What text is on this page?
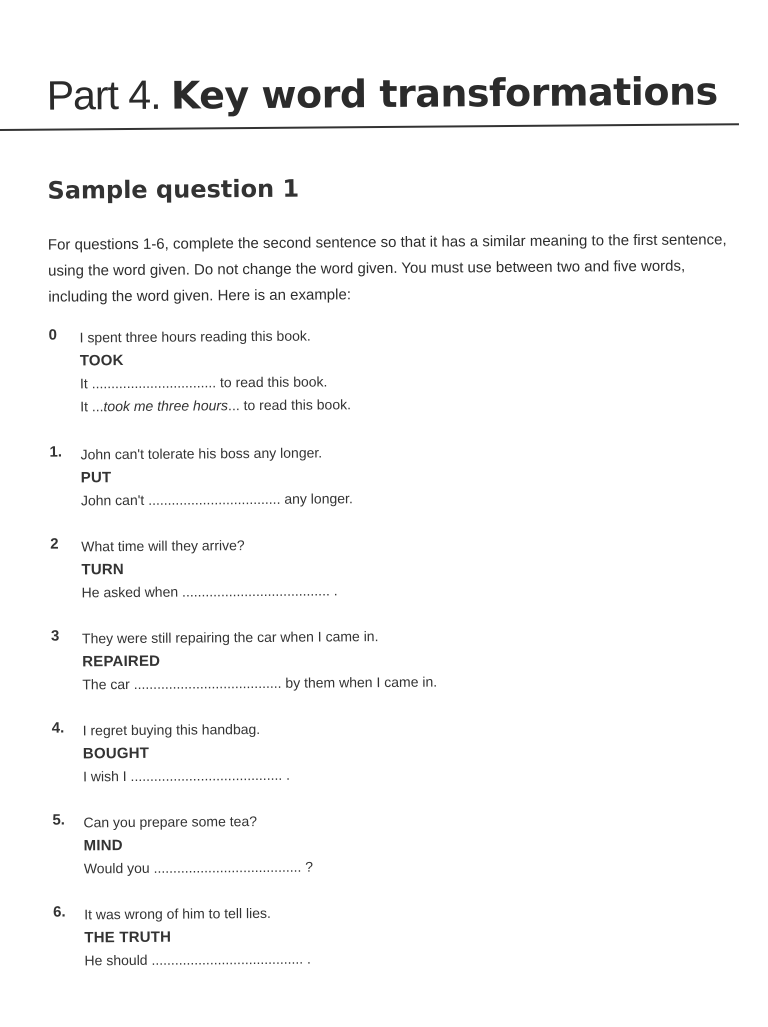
Part 4. Key word transformations
Sample question 1
For questions 1-6, complete the second sentence so that it has a similar meaning to the first sentence, using the word given. Do not change the word given. You must use between two and five words, including the word given. Here is an example:
0	I spent three hours reading this book.
TOOK
It ................................ to read this book.
It ...took me three hours... to read this book.
1.	John can't tolerate his boss any longer.
PUT
John can't .................................. any longer.
2	What time will they arrive?
TURN
He asked when ...................................... .
3	They were still repairing the car when I came in.
REPAIRED
The car ...................................... by them when I came in.
4.	I regret buying this handbag.
BOUGHT
I wish I ....................................... .
5.	Can you prepare some tea?
MIND
Would you ...................................... ?
6.	It was wrong of him to tell lies.
THE TRUTH
He should ....................................... .
